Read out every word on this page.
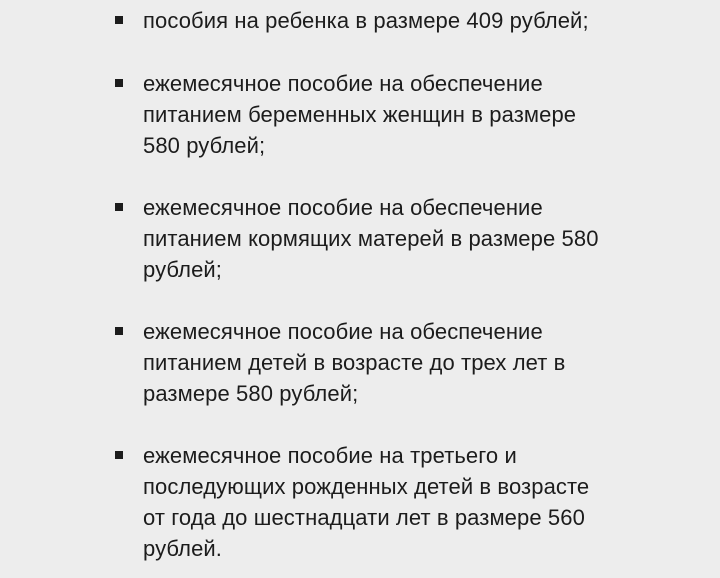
пособия на ребенка в размере 409 рублей;
ежемесячное пособие на обеспечение
питанием беременных женщин в размере
580 рублей;
ежемесячное пособие на обеспечение
питанием кормящих матерей в размере 580
рублей;
ежемесячное пособие на обеспечение
питанием детей в возрасте до трех лет в
размере 580 рублей;
ежемесячное пособие на третьего и
последующих рожденных детей в возрасте
от года до шестнадцати лет в размере 560
рублей.
